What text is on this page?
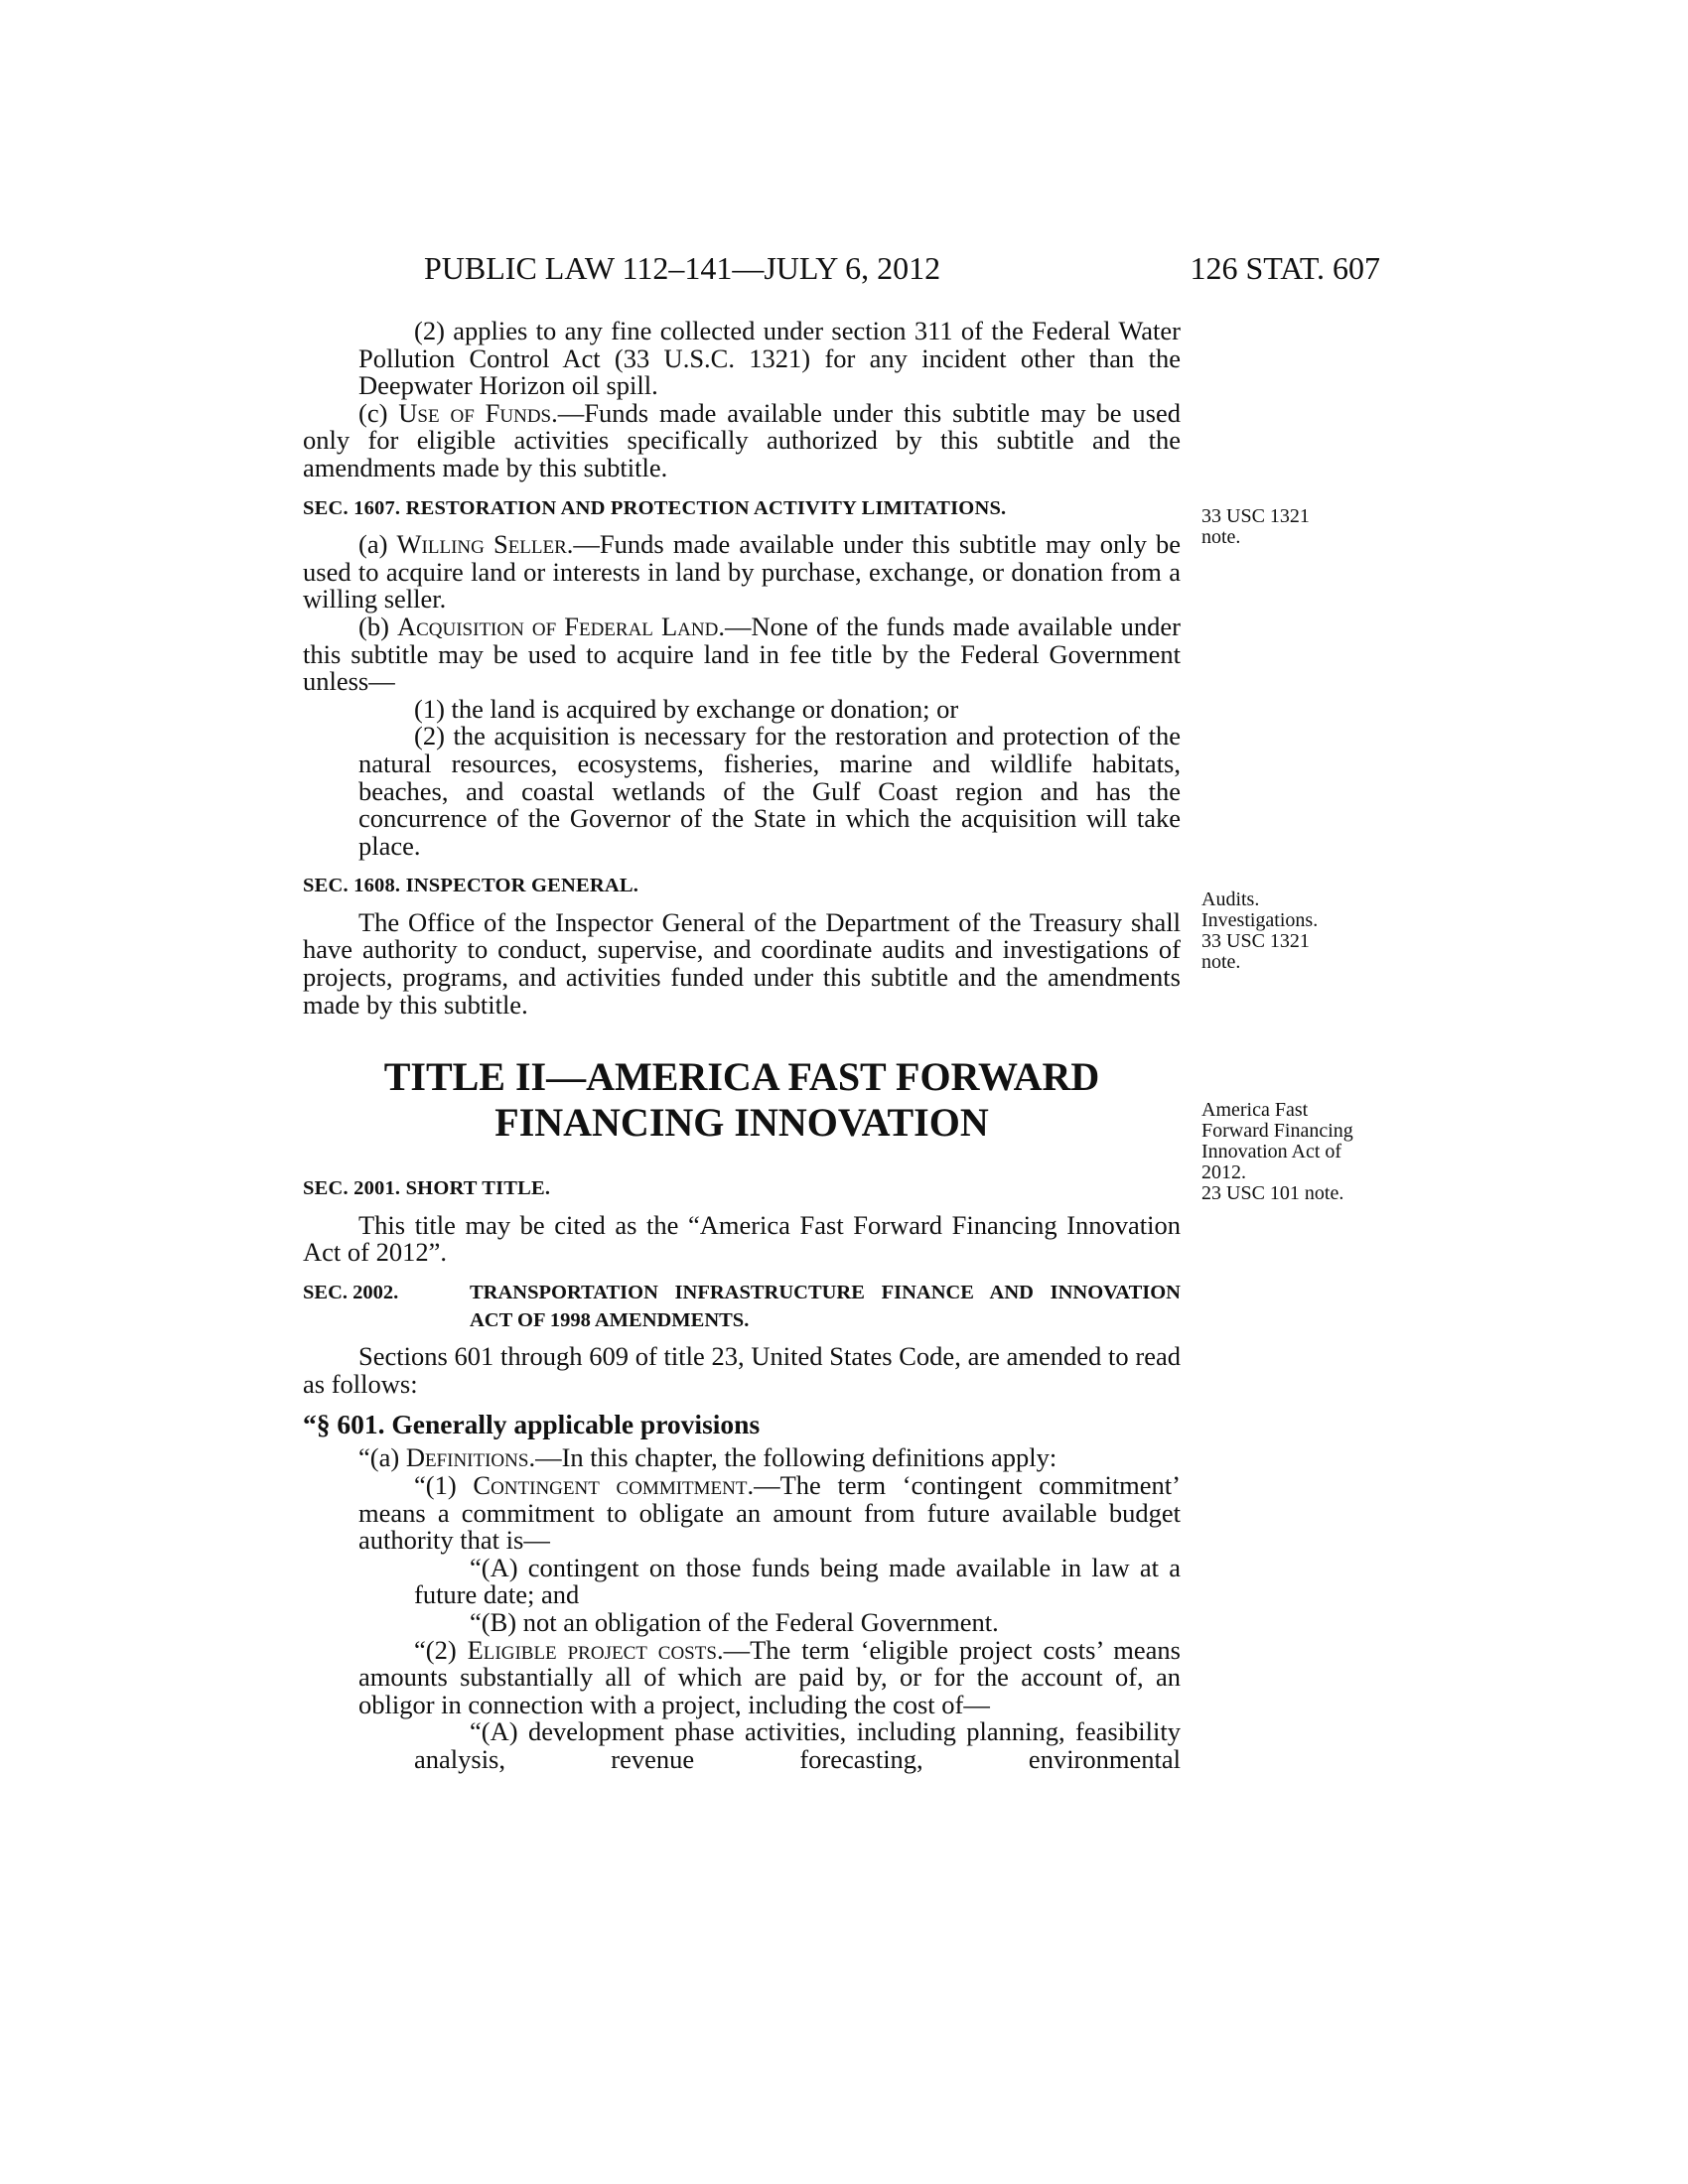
PUBLIC LAW 112–141—JULY 6, 2012	126 STAT. 607

(2) applies to any fine collected under section 311 of the Federal Water Pollution Control Act (33 U.S.C. 1321) for any incident other than the Deepwater Horizon oil spill.

(c) Use of Funds.—Funds made available under this subtitle may be used only for eligible activities specifically authorized by this subtitle and the amendments made by this subtitle.

SEC. 1607. RESTORATION AND PROTECTION ACTIVITY LIMITATIONS.

(a) Willing Seller.—Funds made available under this subtitle may only be used to acquire land or interests in land by purchase, exchange, or donation from a willing seller.

(b) Acquisition of Federal Land.—None of the funds made available under this subtitle may be used to acquire land in fee title by the Federal Government unless—

(1) the land is acquired by exchange or donation; or

(2) the acquisition is necessary for the restoration and protection of the natural resources, ecosystems, fisheries, marine and wildlife habitats, beaches, and coastal wetlands of the Gulf Coast region and has the concurrence of the Governor of the State in which the acquisition will take place.

SEC. 1608. INSPECTOR GENERAL.

The Office of the Inspector General of the Department of the Treasury shall have authority to conduct, supervise, and coordinate audits and investigations of projects, programs, and activities funded under this subtitle and the amendments made by this subtitle.

TITLE II—AMERICA FAST FORWARD
FINANCING INNOVATION
SEC. 2001. SHORT TITLE.

This title may be cited as the “America Fast Forward Financing Innovation Act of 2012”.

SEC. 2002.	TRANSPORTATION INFRASTRUCTURE FINANCE AND INNOVATION ACT OF 1998 AMENDMENTS.

Sections 601 through 609 of title 23, United States Code, are amended to read as follows:

“§ 601. Generally applicable provisions

“(a) Definitions.—In this chapter, the following definitions apply:

“(1) Contingent commitment.—The term ‘contingent commitment’ means a commitment to obligate an amount from future available budget authority that is—

“(A) contingent on those funds being made available in law at a future date; and

“(B) not an obligation of the Federal Government.

“(2) Eligible project costs.—The term ‘eligible project costs’ means amounts substantially all of which are paid by, or for the account of, an obligor in connection with a project, including the cost of—

“(A) development phase activities, including planning, feasibility analysis, revenue forecasting, environmental

33 USC 1321 note.
Audits.
Investigations.
33 USC 1321 note.
America Fast Forward Financing Innovation Act of 2012.
23 USC 101 note.
